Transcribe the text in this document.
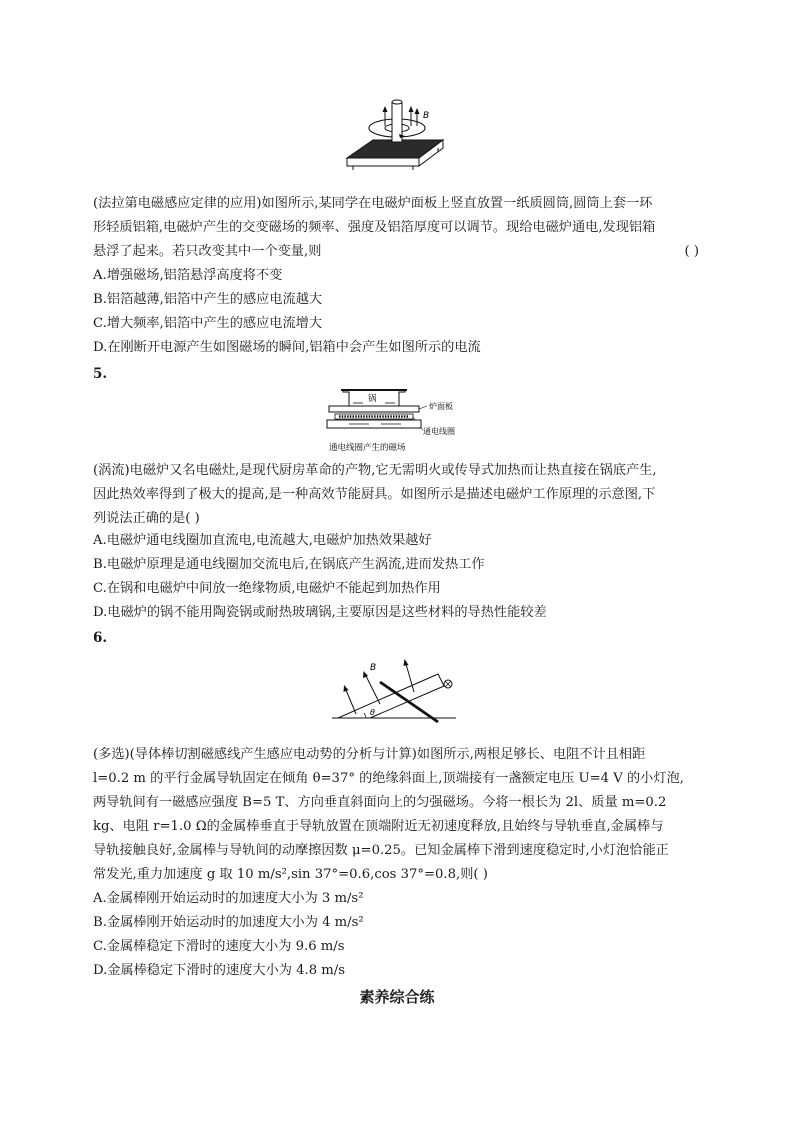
B
(法拉第电磁感应定律的应用)如图所示,某同学在电磁炉面板上竖直放置一纸质圆筒,圆筒上套一环
形轻质铝箱,电磁炉产生的交变磁场的频率、强度及铝箔厚度可以调节。现给电磁炉通电,发现铝箱
悬浮了起来。若只改变其中一个变量,则	( )
A.增强磁场,铝箔悬浮高度将不变
B.铝箔越薄,铝箔中产生的感应电流越大
C.增大频率,铝箔中产生的感应电流增大
D.在刚断开电源产生如图磁场的瞬间,铝箱中会产生如图所示的电流
5.
锅
炉面板
通电线圈
通电线圈产生的磁场
(涡流)电磁炉又名电磁灶,是现代厨房革命的产物,它无需明火或传导式加热而让热直接在锅底产生,
因此热效率得到了极大的提高,是一种高效节能厨具。如图所示是描述电磁炉工作原理的示意图,下
列说法正确的是( )
A.电磁炉通电线圈加直流电,电流越大,电磁炉加热效果越好
B.电磁炉原理是通电线圈加交流电后,在锅底产生涡流,进而发热工作
C.在锅和电磁炉中间放一绝缘物质,电磁炉不能起到加热作用
D.电磁炉的锅不能用陶瓷锅或耐热玻璃锅,主要原因是这些材料的导热性能较差
6.
B
θ
(多选)(导体棒切割磁感线产生感应电动势的分析与计算)如图所示,两根足够长、电阻不计且相距
l=0.2 m 的平行金属导轨固定在倾角 θ=37° 的绝缘斜面上,顶端接有一盏额定电压 U=4 V 的小灯泡,
两导轨间有一磁感应强度 B=5 T、方向垂直斜面向上的匀强磁场。今将一根长为 2l、质量 m=0.2
kg、电阻 r=1.0 Ω的金属棒垂直于导轨放置在顶端附近无初速度释放,且始终与导轨垂直,金属棒与
导轨接触良好,金属棒与导轨间的动摩擦因数 μ=0.25。已知金属棒下滑到速度稳定时,小灯泡恰能正
常发光,重力加速度 g 取 10 m/s²,sin 37°=0.6,cos 37°=0.8,则( )
A.金属棒刚开始运动时的加速度大小为 3 m/s²
B.金属棒刚开始运动时的加速度大小为 4 m/s²
C.金属棒稳定下滑时的速度大小为 9.6 m/s
D.金属棒稳定下滑时的速度大小为 4.8 m/s
素养综合练
